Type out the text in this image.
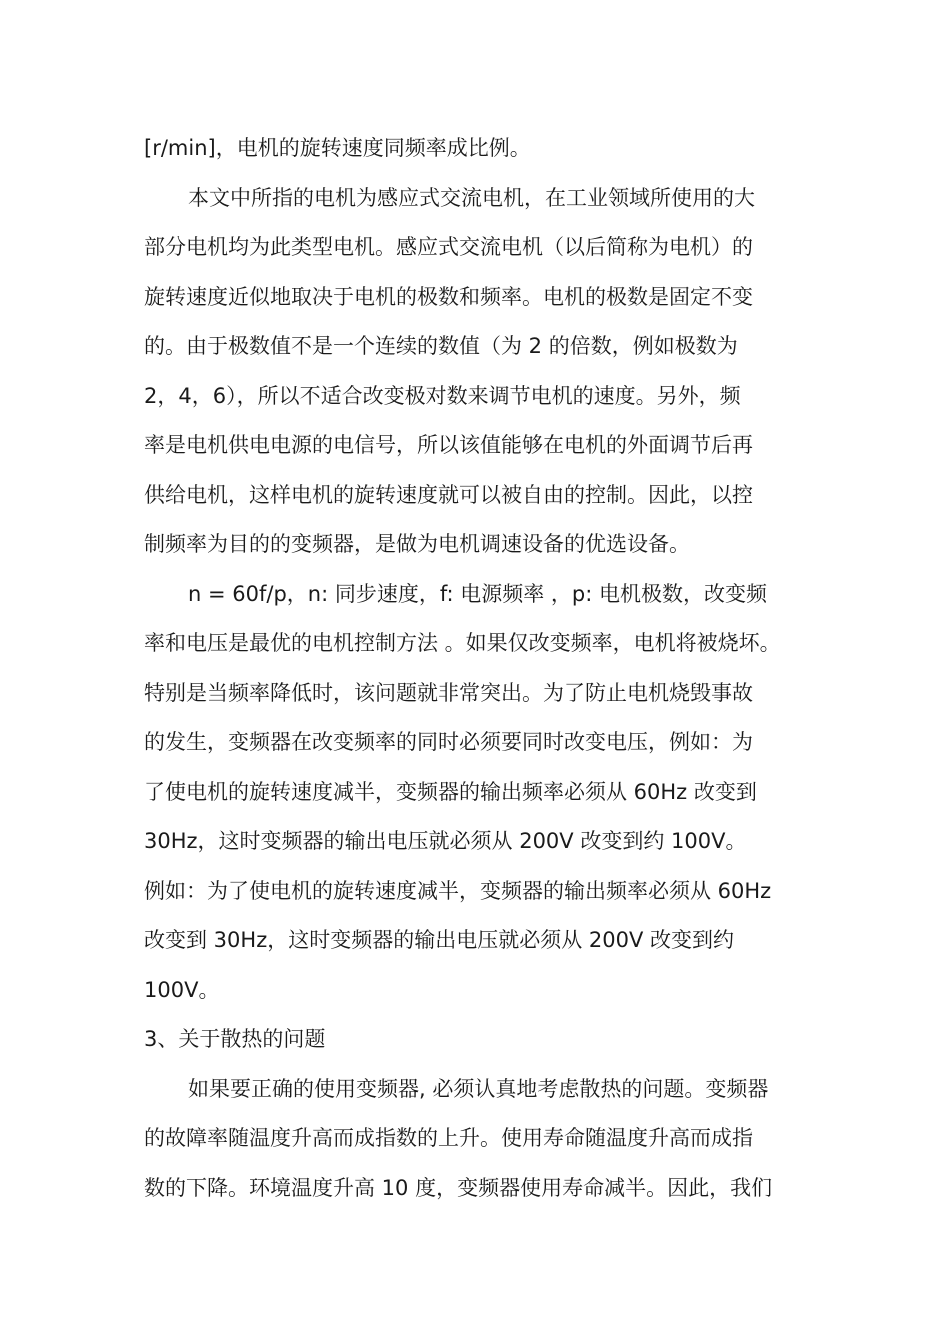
[r/min]，电机的旋转速度同频率成比例。
本文中所指的电机为感应式交流电机，在工业领域所使用的大
部分电机均为此类型电机。感应式交流电机（以后简称为电机）的
旋转速度近似地取决于电机的极数和频率。电机的极数是固定不变
的。由于极数值不是一个连续的数值（为 2 的倍数，例如极数为
2，4，6），所以不适合改变极对数来调节电机的速度。另外，频
率是电机供电电源的电信号，所以该值能够在电机的外面调节后再
供给电机，这样电机的旋转速度就可以被自由的控制。因此，以控
制频率为目的的变频器，是做为电机调速设备的优选设备。
n = 60f/p，n: 同步速度，f: 电源频率 ，p: 电机极数，改变频
率和电压是最优的电机控制方法 。如果仅改变频率，电机将被烧坏。
特别是当频率降低时，该问题就非常突出。为了防止电机烧毁事故
的发生，变频器在改变频率的同时必须要同时改变电压，例如：为
了使电机的旋转速度减半，变频器的输出频率必须从 60Hz 改变到
30Hz，这时变频器的输出电压就必须从 200V 改变到约 100V。
例如：为了使电机的旋转速度减半，变频器的输出频率必须从 60Hz
改变到 30Hz，这时变频器的输出电压就必须从 200V 改变到约
100V。
3、关于散热的问题
如果要正确的使用变频器, 必须认真地考虑散热的问题。变频器
的故障率随温度升高而成指数的上升。使用寿命随温度升高而成指
数的下降。环境温度升高 10 度，变频器使用寿命减半。因此，我们
